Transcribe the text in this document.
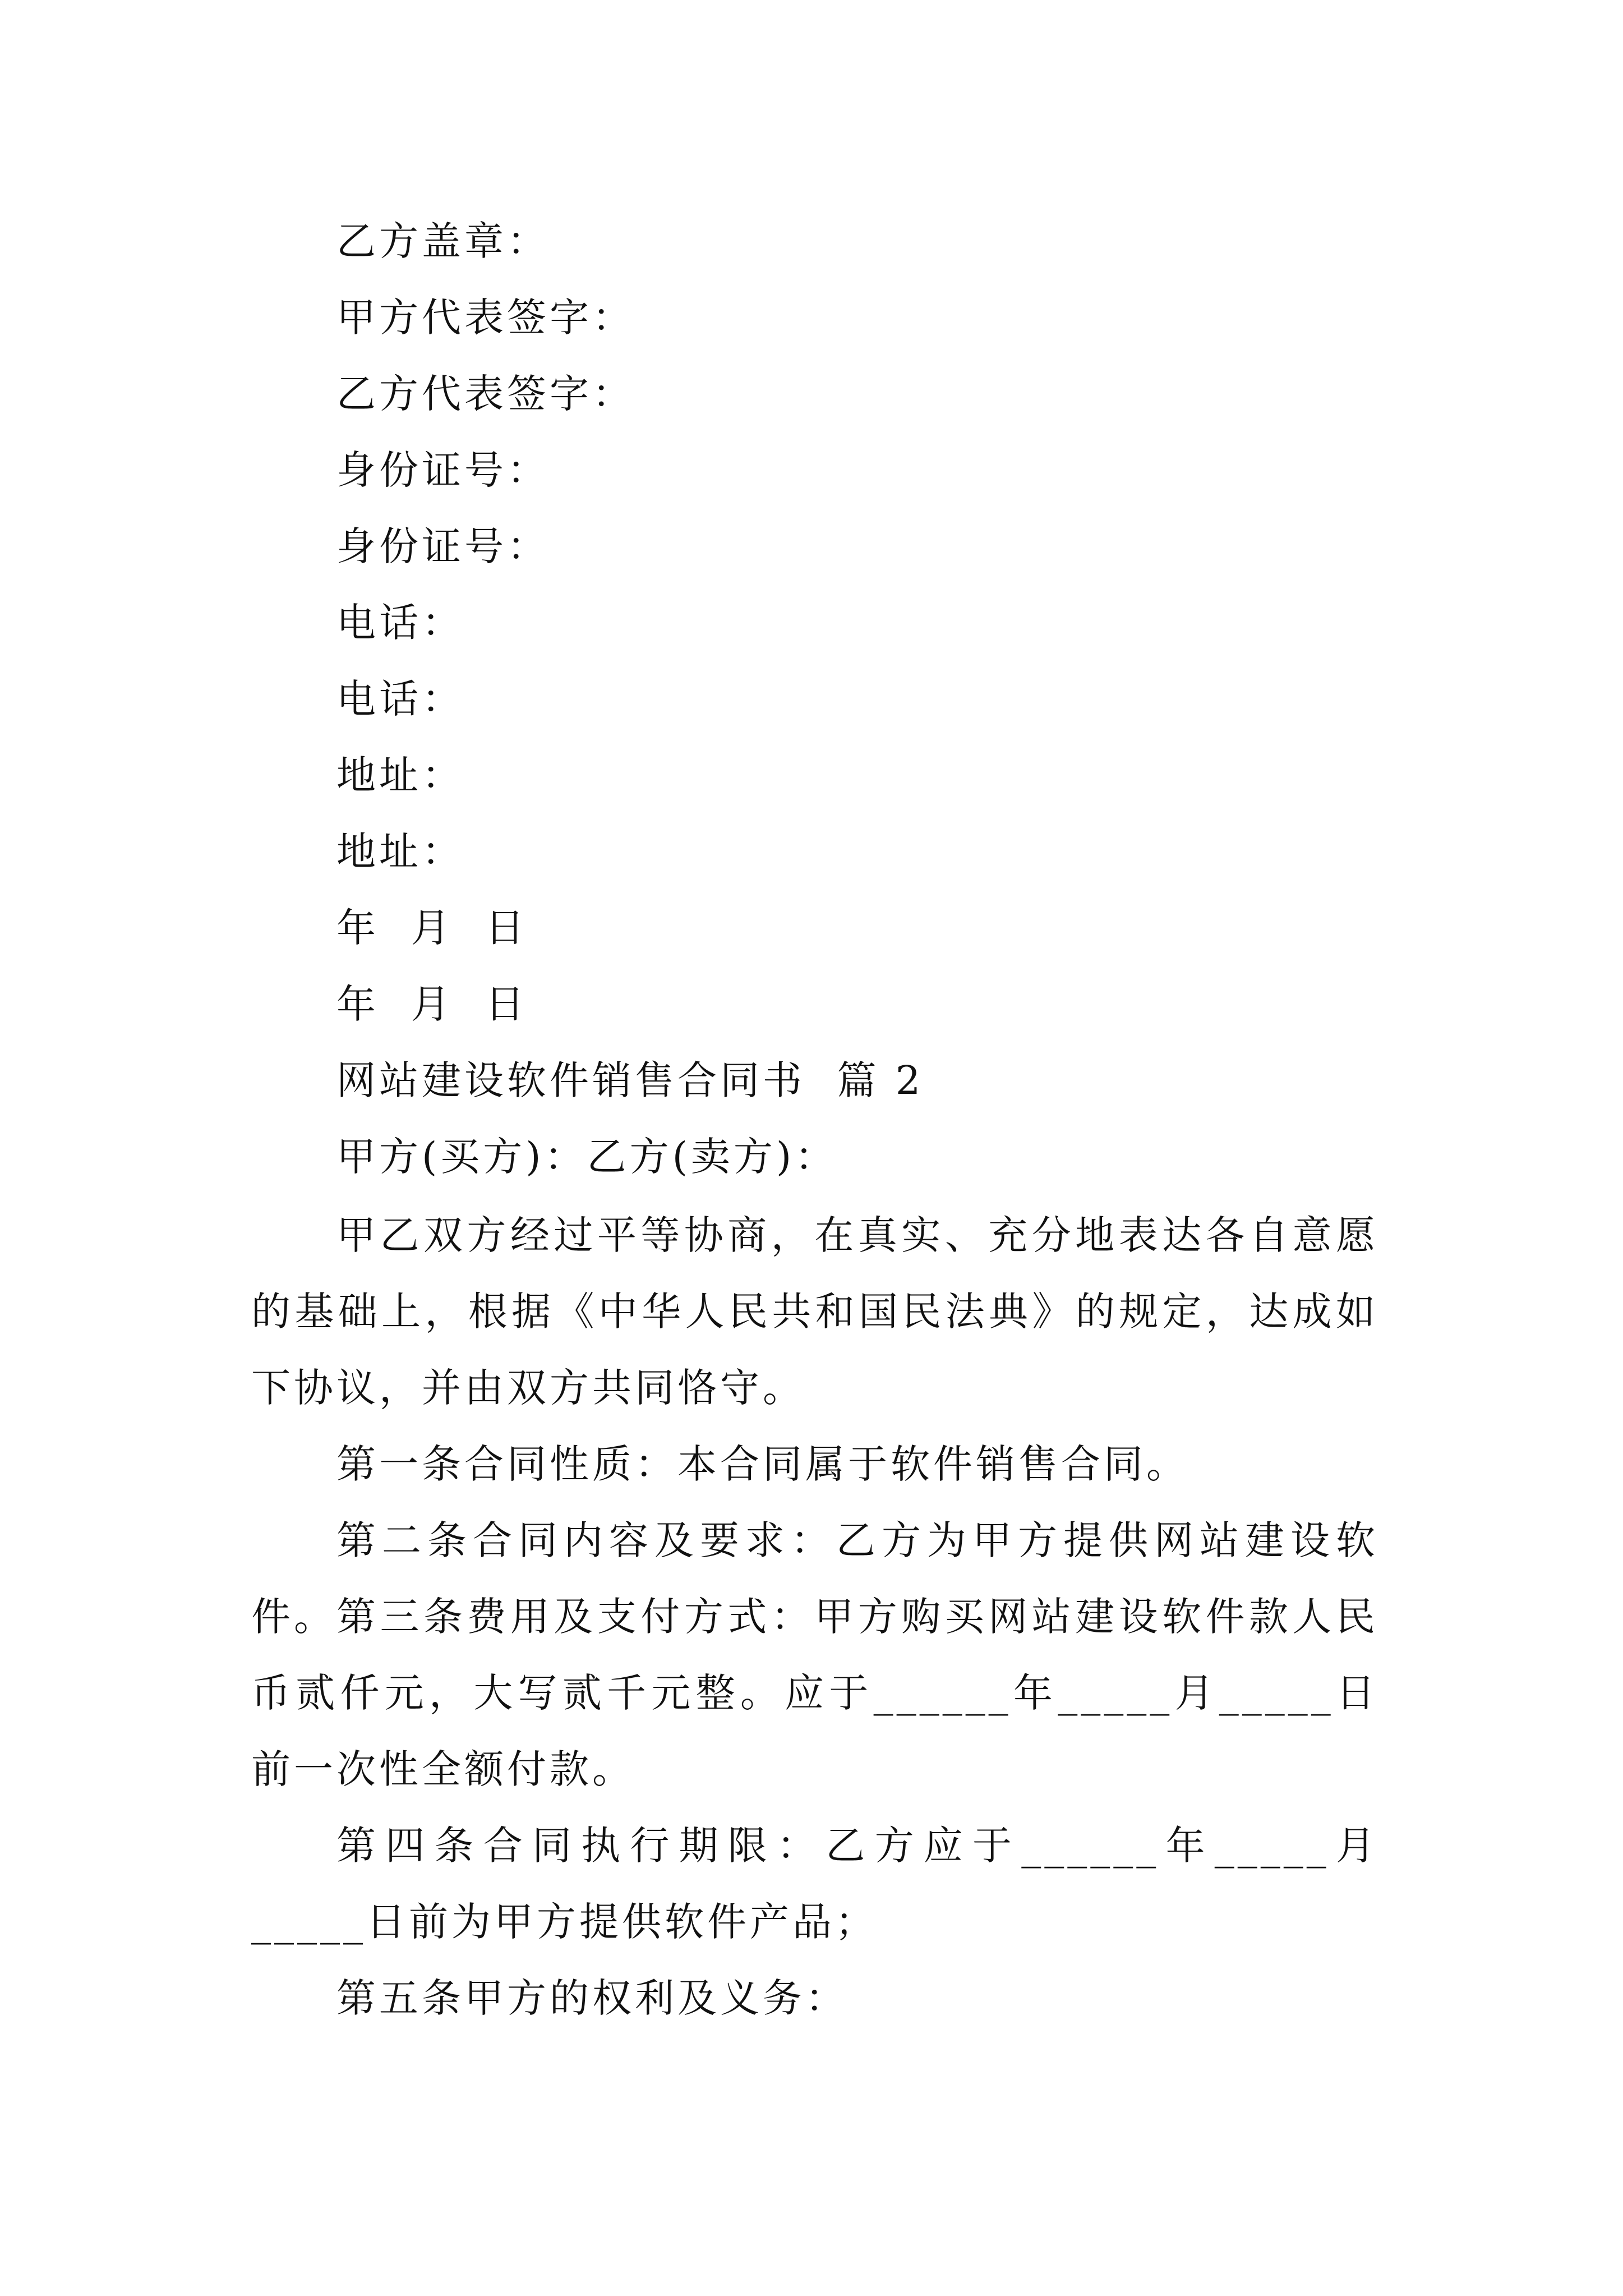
乙方盖章：
甲方代表签字：
乙方代表签字：
身份证号：
身份证号：
电话：
电话：
地址：
地址：
年  月  日
年  月  日
网站建设软件销售合同书  篇 2
甲方(买方)：乙方(卖方)：

甲乙双方经过平等协商，在真实、充分地表达各自意愿的基础上，根据《中华人民共和国民法典》的规定，达成如下协议，并由双方共同恪守。

第一条合同性质：本合同属于软件销售合同。

第二条合同内容及要求：乙方为甲方提供网站建设软件。 第三条费用及支付方式：甲方购买网站建设软件款人民币贰仟元，大写贰千元整。应于______年_____月_____日前一次性全额付款。

第四条合同执行期限：乙方应于______年_____月_____日前为甲方提供软件产品；

第五条甲方的权利及义务：
